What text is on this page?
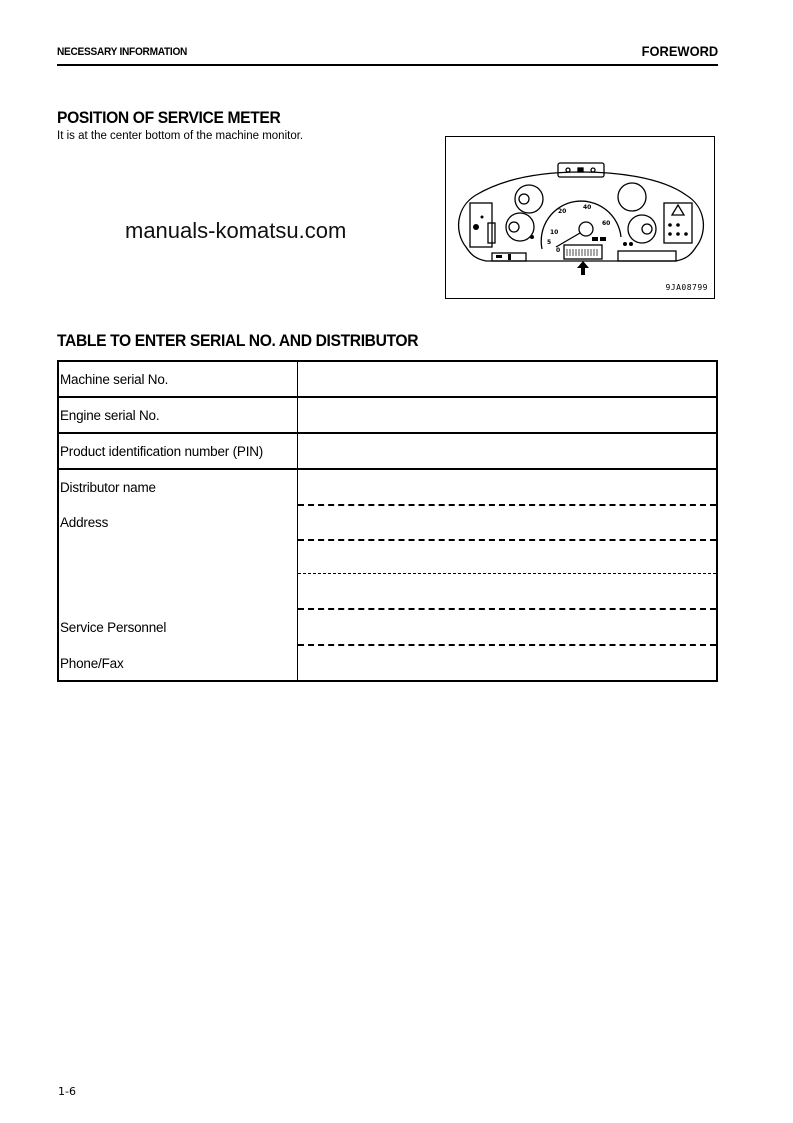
NECESSARY INFORMATION	FOREWORD
POSITION OF SERVICE METER
It is at the center bottom of the machine monitor.
manuals-komatsu.com
20
40
10
5
0
60
9JA08799
TABLE TO ENTER SERIAL NO. AND DISTRIBUTOR
Machine serial No.
Engine serial No.
Product identification number (PIN)
Distributor name
Address
Service Personnel
Phone/Fax
1-6
